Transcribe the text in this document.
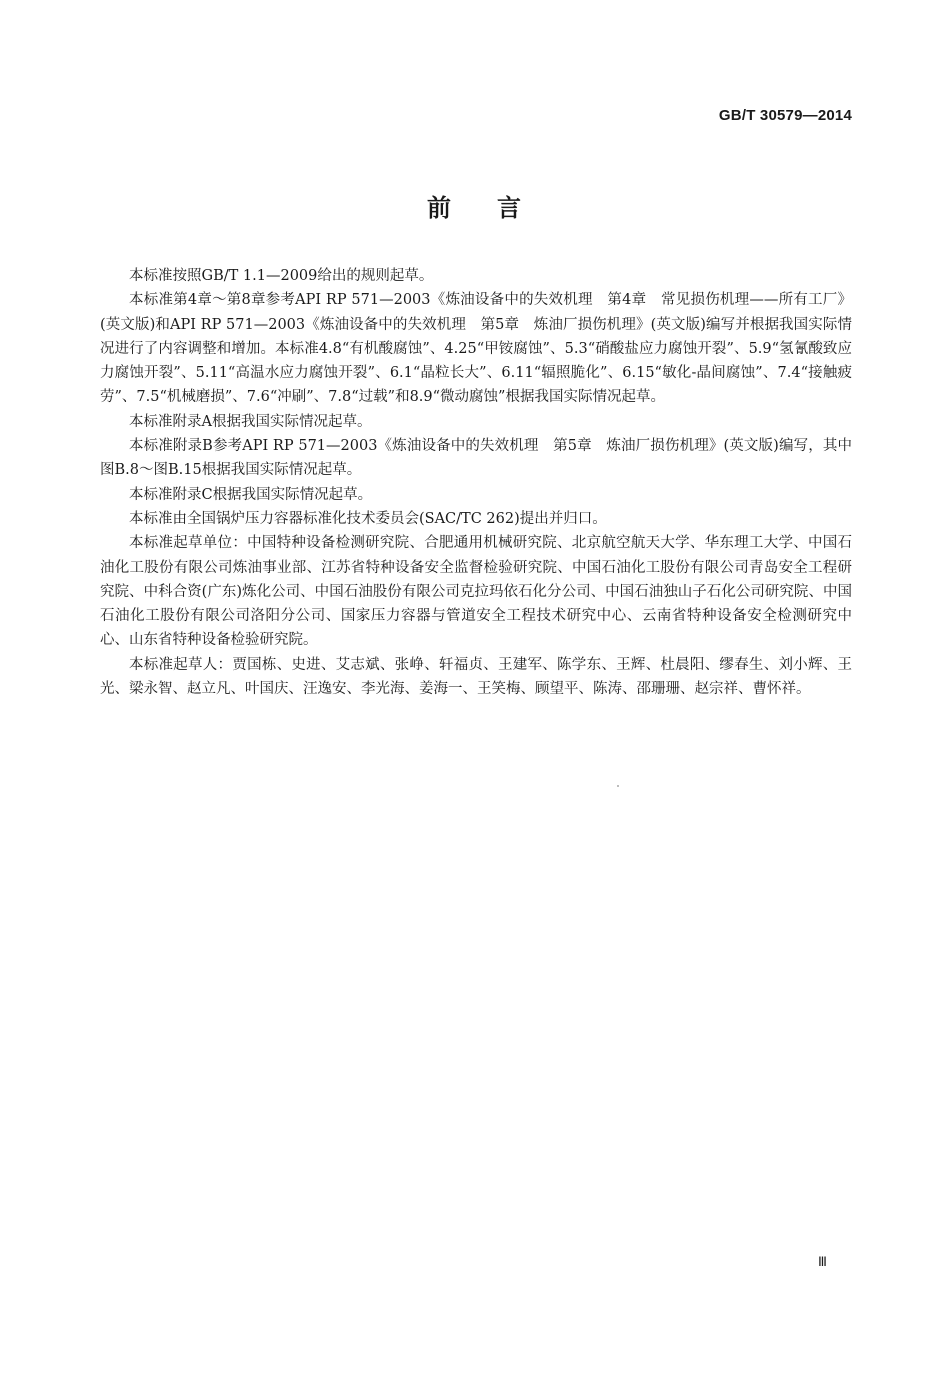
GB/T 30579—2014
前 言

本标准按照GB/T 1.1—2009给出的规则起草。

本标准第4章～第8章参考API RP 571—2003《炼油设备中的失效机理　第4章　常见损伤机理——所有工厂》(英文版)和API RP 571—2003《炼油设备中的失效机理　第5章　炼油厂损伤机理》(英文版)编写并根据我国实际情况进行了内容调整和增加。本标准4.8“有机酸腐蚀”、4.25“甲铵腐蚀”、5.3“硝酸盐应力腐蚀开裂”、5.9“氢氰酸致应力腐蚀开裂”、5.11“高温水应力腐蚀开裂”、6.1“晶粒长大”、6.11“辐照脆化”、6.15“敏化-晶间腐蚀”、7.4“接触疲劳”、7.5“机械磨损”、7.6“冲刷”、7.8“过载”和8.9“微动腐蚀”根据我国实际情况起草。

本标准附录A根据我国实际情况起草。

本标准附录B参考API RP 571—2003《炼油设备中的失效机理　第5章　炼油厂损伤机理》(英文版)编写，其中图B.8～图B.15根据我国实际情况起草。

本标准附录C根据我国实际情况起草。

本标准由全国锅炉压力容器标准化技术委员会(SAC/TC 262)提出并归口。

本标准起草单位：中国特种设备检测研究院、合肥通用机械研究院、北京航空航天大学、华东理工大学、中国石油化工股份有限公司炼油事业部、江苏省特种设备安全监督检验研究院、中国石油化工股份有限公司青岛安全工程研究院、中科合资(广东)炼化公司、中国石油股份有限公司克拉玛依石化分公司、中国石油独山子石化公司研究院、中国石油化工股份有限公司洛阳分公司、国家压力容器与管道安全工程技术研究中心、云南省特种设备安全检测研究中心、山东省特种设备检验研究院。

本标准起草人：贾国栋、史进、艾志斌、张峥、轩福贞、王建军、陈学东、王辉、杜晨阳、缪春生、刘小辉、王光、梁永智、赵立凡、叶国庆、汪逸安、李光海、姜海一、王笑梅、顾望平、陈涛、邵珊珊、赵宗祥、曹怀祥。

Ⅲ
